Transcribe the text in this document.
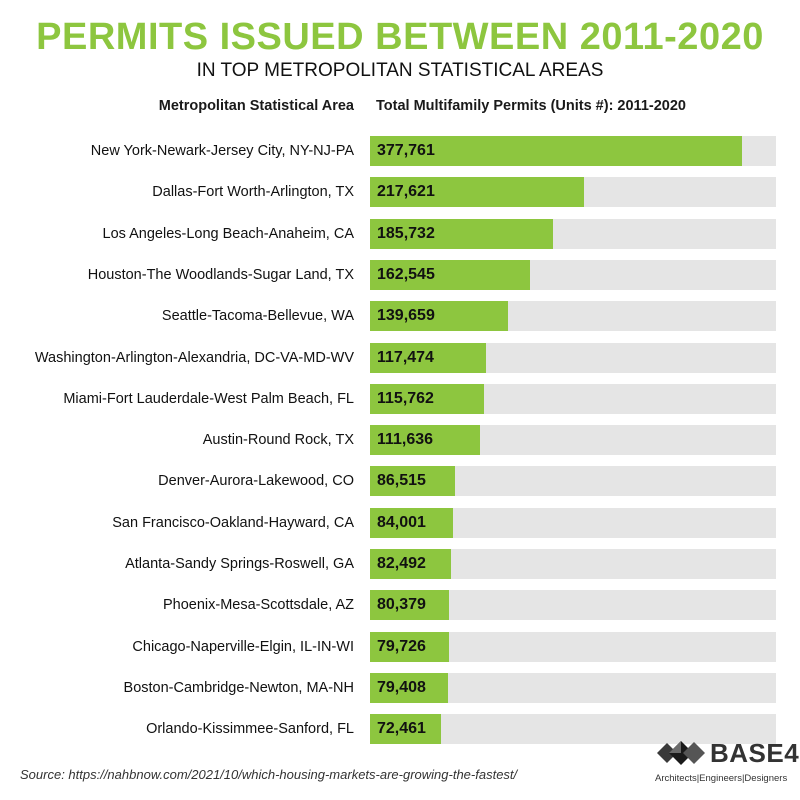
PERMITS ISSUED BETWEEN 2011-2020
IN TOP METROPOLITAN STATISTICAL AREAS
Metropolitan Statistical Area Total Multifamily Permits (Units #): 2011-2020
New York-Newark-Jersey City, NY-NJ-PA 377,761
Dallas-Fort Worth-Arlington, TX 217,621
Los Angeles-Long Beach-Anaheim, CA 185,732
Houston-The Woodlands-Sugar Land, TX 162,545
Seattle-Tacoma-Bellevue, WA 139,659
Washington-Arlington-Alexandria, DC-VA-MD-WV 117,474
Miami-Fort Lauderdale-West Palm Beach, FL 115,762
Austin-Round Rock, TX 111,636
Denver-Aurora-Lakewood, CO 86,515
San Francisco-Oakland-Hayward, CA 84,001
Atlanta-Sandy Springs-Roswell, GA 82,492
Phoenix-Mesa-Scottsdale, AZ 80,379
Chicago-Naperville-Elgin, IL-IN-WI 79,726
Boston-Cambridge-Newton, MA-NH 79,408
Orlando-Kissimmee-Sanford, FL 72,461
Source: https://nahbnow.com/2021/10/which-housing-markets-are-growing-the-fastest/
BASE4
Architects|Engineers|Designers
